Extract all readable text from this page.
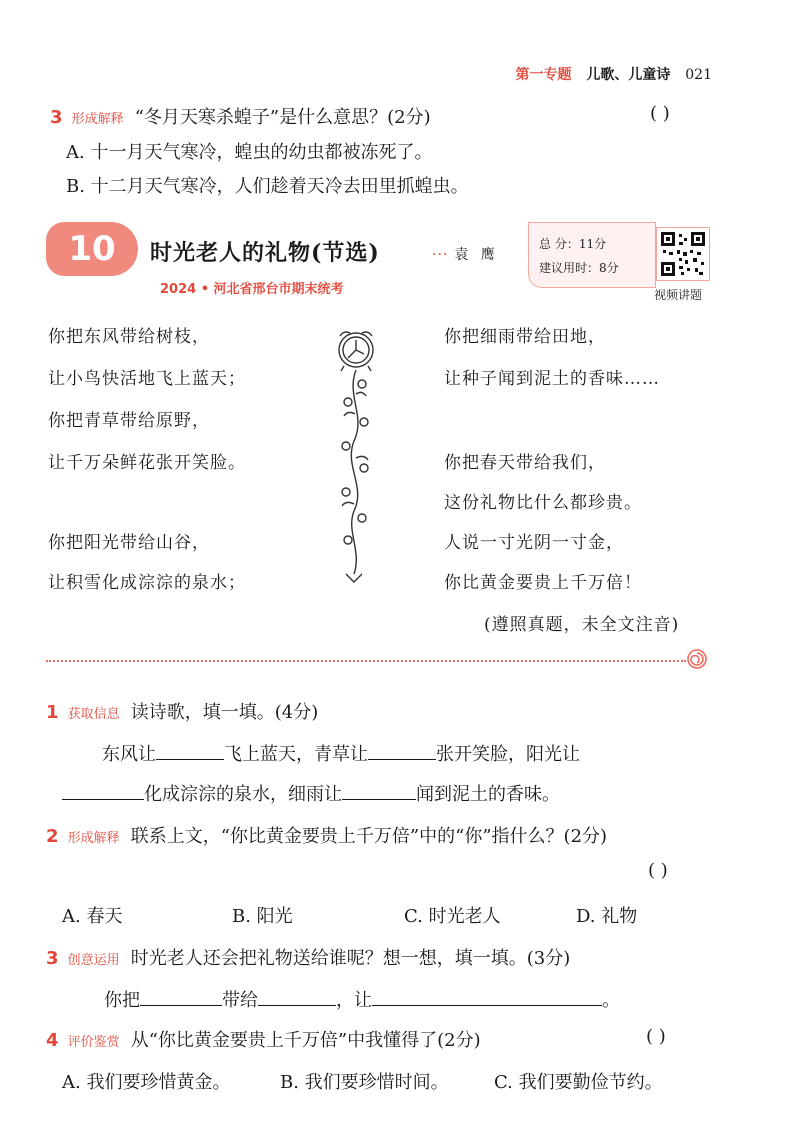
第一专题 儿歌、儿童诗 021
3 形成解释 “冬月天寒杀蝗子”是什么意思？(2分)	( )
A. 十一月天气寒冷，蝗虫的幼虫都被冻死了。
B. 十二月天气寒冷，人们趁着天冷去田里抓蝗虫。
10	时光老人的礼物(节选)	··· 袁 鹰
2024 • 河北省邢台市期末统考
总 分：11分
建议用时：8分
视频讲题
你把东风带给树枝，
让小鸟快活地飞上蓝天；
你把青草带给原野，
让千万朵鲜花张开笑脸。
你把阳光带给山谷，
让积雪化成淙淙的泉水；
你把细雨带给田地，
让种子闻到泥土的香味……
你把春天带给我们，
这份礼物比什么都珍贵。
人说一寸光阴一寸金，
你比黄金要贵上千万倍！
(遵照真题，未全文注音)
1 获取信息 读诗歌，填一填。(4分)
东风让	飞上蓝天，青草让	张开笑脸，阳光让
化成淙淙的泉水，细雨让	闻到泥土的香味。
2 形成解释 联系上文，“你比黄金要贵上千万倍”中的“你”指什么？(2分)
( )
A. 春天	B. 阳光	C. 时光老人	D. 礼物
3 创意运用 时光老人还会把礼物送给谁呢？想一想，填一填。(3分)
你把	带给	，让	。
4 评价鉴赏 从“你比黄金要贵上千万倍”中我懂得了(2分)	( )
A. 我们要珍惜黄金。	B. 我们要珍惜时间。	C. 我们要勤俭节约。
